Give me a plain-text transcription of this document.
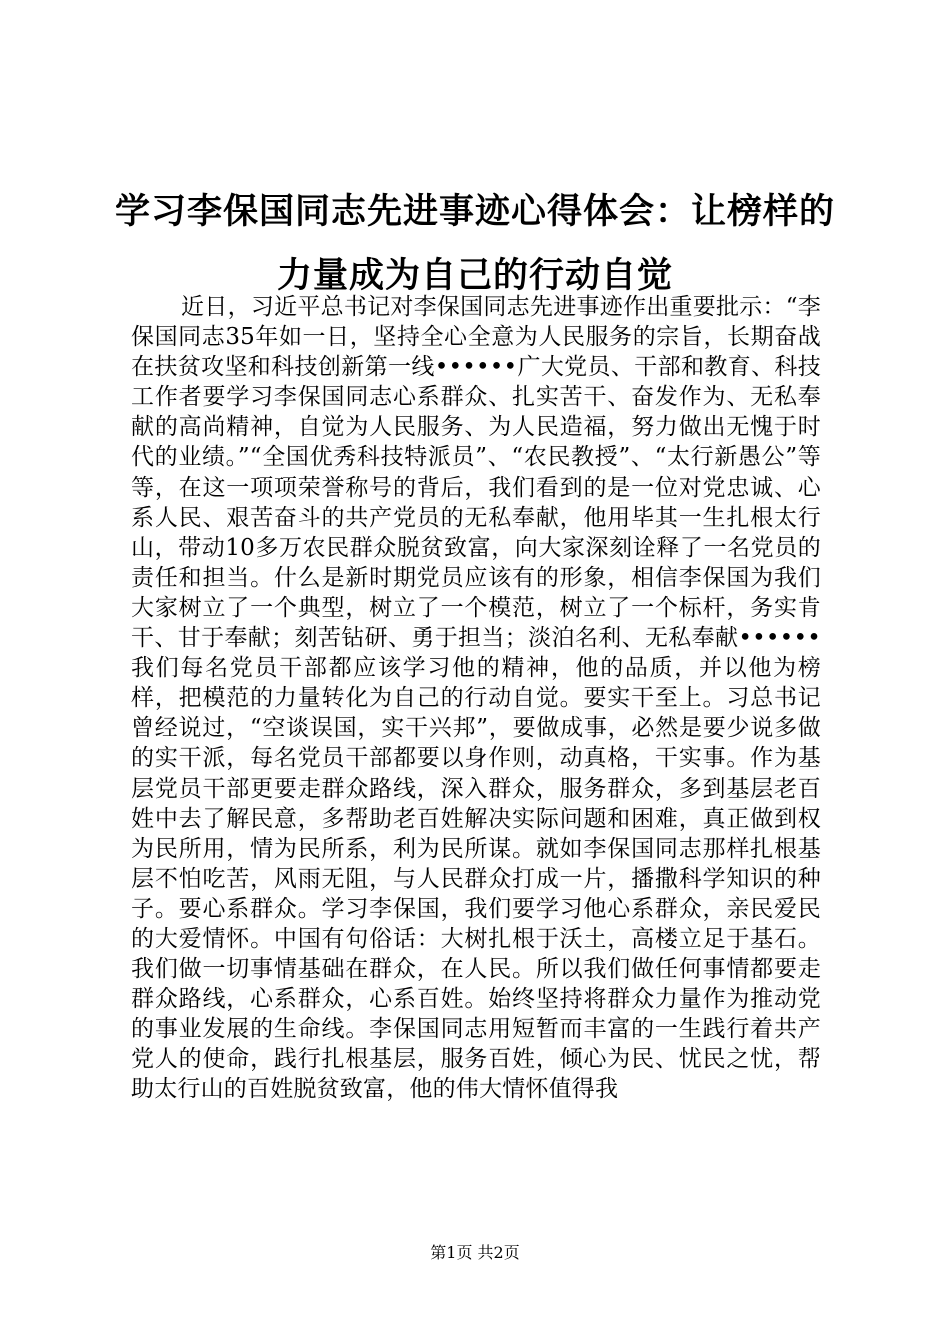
学习李保国同志先进事迹心得体会：让榜样的
力量成为自己的行动自觉

近日，习近平总书记对李保国同志先进事迹作出重要批示：“李保国同志35年如一日，坚持全心全意为人民服务的宗旨，长期奋战在扶贫攻坚和科技创新第一线••••••广大党员、干部和教育、科技工作者要学习李保国同志心系群众、扎实苦干、奋发作为、无私奉献的高尚精神，自觉为人民服务、为人民造福，努力做出无愧于时代的业绩。”“全国优秀科技特派员”、“农民教授”、“太行新愚公”等等，在这一项项荣誉称号的背后，我们看到的是一位对党忠诚、心系人民、艰苦奋斗的共产党员的无私奉献，他用毕其一生扎根太行山，带动10多万农民群众脱贫致富，向大家深刻诠释了一名党员的责任和担当。什么是新时期党员应该有的形象，相信李保国为我们大家树立了一个典型，树立了一个模范，树立了一个标杆，务实肯干、甘于奉献；刻苦钻研、勇于担当；淡泊名利、无私奉献••••••我们每名党员干部都应该学习他的精神，他的品质，并以他为榜样，把模范的力量转化为自己的行动自觉。要实干至上。习总书记曾经说过，“空谈误国，实干兴邦”，要做成事，必然是要少说多做的实干派，每名党员干部都要以身作则，动真格，干实事。作为基层党员干部更要走群众路线，深入群众，服务群众，多到基层老百姓中去了解民意，多帮助老百姓解决实际问题和困难，真正做到权为民所用，情为民所系，利为民所谋。就如李保国同志那样扎根基层不怕吃苦，风雨无阻，与人民群众打成一片，播撒科学知识的种子。要心系群众。学习李保国，我们要学习他心系群众，亲民爱民的大爱情怀。中国有句俗话：大树扎根于沃土，高楼立足于基石。我们做一切事情基础在群众，在人民。所以我们做任何事情都要走群众路线，心系群众，心系百姓。始终坚持将群众力量作为推动党的事业发展的生命线。李保国同志用短暂而丰富的一生践行着共产党人的使命，践行扎根基层，服务百姓，倾心为民、忧民之忧，帮助太行山的百姓脱贫致富，他的伟大情怀值得我

第1页 共2页
